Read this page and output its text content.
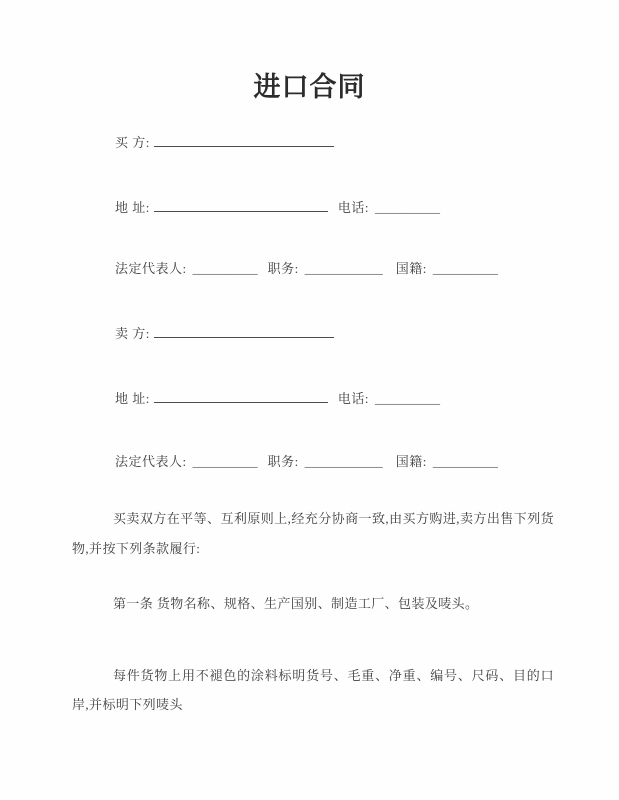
进口合同
买 方:
地 址:	电话: __________
法定代表人: __________ 职务: ____________ 国籍: __________
卖 方:
地 址:	电话: __________
法定代表人: __________ 职务: ____________ 国籍: __________

买卖双方在平等、互利原则上,经充分协商一致,由买方购进,卖方出售下列货物,并按下列条款履行:

第一条 货物名称、规格、生产国别、制造工厂、包装及唛头。

每件货物上用不褪色的涂料标明货号、毛重、净重、编号、尺码、目的口岸,并标明下列唛头
